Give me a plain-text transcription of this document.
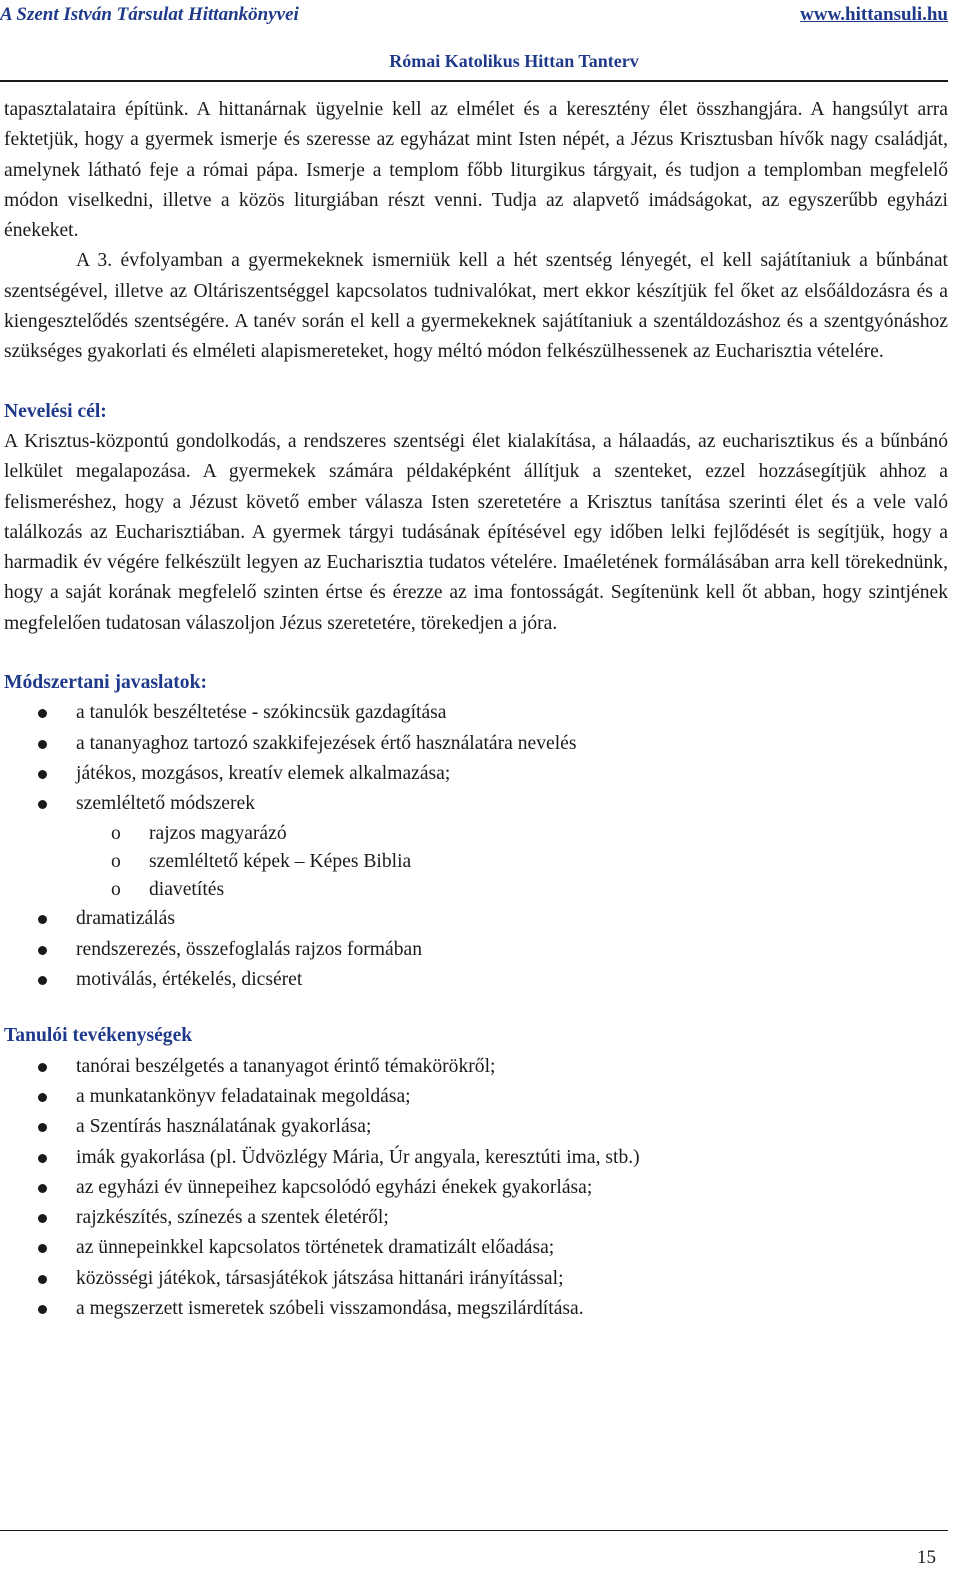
A Szent István Társulat Hittankönyvei	www.hittansuli.hu
Római Katolikus Hittan Tanterv

tapasztalataira építünk. A hittanárnak ügyelnie kell az elmélet és a keresztény élet összhangjára. A hangsúlyt arra fektetjük, hogy a gyermek ismerje és szeresse az egyházat mint Isten népét, a Jézus Krisztusban hívők nagy családját, amelynek látható feje a római pápa. Ismerje a templom főbb liturgikus tárgyait, és tudjon a templomban megfelelő módon viselkedni, illetve a közös liturgiában részt venni. Tudja az alapvető imádságokat, az egyszerűbb egyházi énekeket.

A 3. évfolyamban a gyermekeknek ismerniük kell a hét szentség lényegét, el kell sajátítaniuk a bűnbánat szentségével, illetve az Oltáriszentséggel kapcsolatos tudnivalókat, mert ekkor készítjük fel őket az elsőáldozásra és a kiengesztelődés szentségére. A tanév során el kell a gyermekeknek sajátítaniuk a szentáldozáshoz és a szentgyónáshoz szükséges gyakorlati és elméleti alapismereteket, hogy méltó módon felkészülhessenek az Eucharisztia vételére.

Nevelési cél:

A Krisztus-központú gondolkodás, a rendszeres szentségi élet kialakítása, a hálaadás, az eucharisztikus és a bűnbánó lelkület megalapozása. A gyermekek számára példaképként állítjuk a szenteket, ezzel hozzásegítjük ahhoz a felismeréshez, hogy a Jézust követő ember válasza Isten szeretetére a Krisztus tanítása szerinti élet és a vele való találkozás az Eucharisztiában. A gyermek tárgyi tudásának építésével egy időben lelki fejlődését is segítjük, hogy a harmadik év végére felkészült legyen az Eucharisztia tudatos vételére. Imaéletének formálásában arra kell törekednünk, hogy a saját korának megfelelő szinten értse és érezze az ima fontosságát. Segítenünk kell őt abban, hogy szintjének megfelelően tudatosan válaszoljon Jézus szeretetére, törekedjen a jóra.

Módszertani javaslatok:
a tanulók beszéltetése - szókincsük gazdagítása
a tananyaghoz tartozó szakkifejezések értő használatára nevelés
játékos, mozgásos, kreatív elemek alkalmazása;
szemléltető módszerek
o rajzos magyarázó
o szemléltető képek – Képes Biblia
o diavetítés
dramatizálás
rendszerezés, összefoglalás rajzos formában
motiválás, értékelés, dicséret
Tanulói tevékenységek
tanórai beszélgetés a tananyagot érintő témakörökről;
a munkatankönyv feladatainak megoldása;
a Szentírás használatának gyakorlása;
imák gyakorlása (pl. Üdvözlégy Mária, Úr angyala, keresztúti ima, stb.)
az egyházi év ünnepeihez kapcsolódó egyházi énekek gyakorlása;
rajzkészítés, színezés a szentek életéről;
az ünnepeinkkel kapcsolatos történetek dramatizált előadása;
közösségi játékok, társasjátékok játszása hittanári irányítással;
a megszerzett ismeretek szóbeli visszamondása, megszilárdítása.
15
